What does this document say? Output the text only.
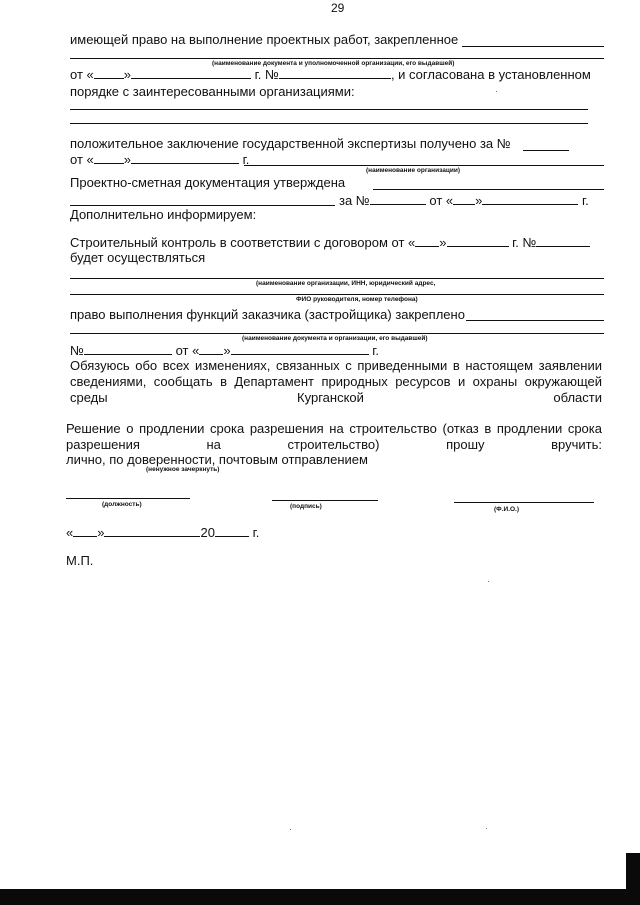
29
имеющей право на выполнение проектных работ, закрепленное
(наименование документа и уполномоченной организации, его выдавшей)
от « »	г. №	, и согласована в установленном
порядке с заинтересованными организациями:
положительное заключение государственной экспертизы получено за №
от « »	г.
(наименование организации)
Проектно-сметная документация утверждена
за №	от « »	г.
Дополнительно информируем:
Строительный контроль в соответствии с договором от « »	г. №
будет осуществляться
(наименование организации, ИНН, юридический адрес,
ФИО руководителя, номер телефона)
право выполнения функций заказчика (застройщика) закреплено
(наименование документа и организации, его выдавшей)
№	от « »	г.
Обязуюсь обо всех изменениях, связанных с приведенными в настоящем заявлении сведениями, сообщать в Департамент природных ресурсов и охраны окружающей среды Курганской области
Решение о продлении срока разрешения на строительство (отказ в продлении срока разрешения на строительство) прошу вручить:
лично, по доверенности, почтовым отправлением
(ненужное зачеркнуть)
(должность)	(подпись)	(Ф.И.О.)
« »	20	г.
М.П.
